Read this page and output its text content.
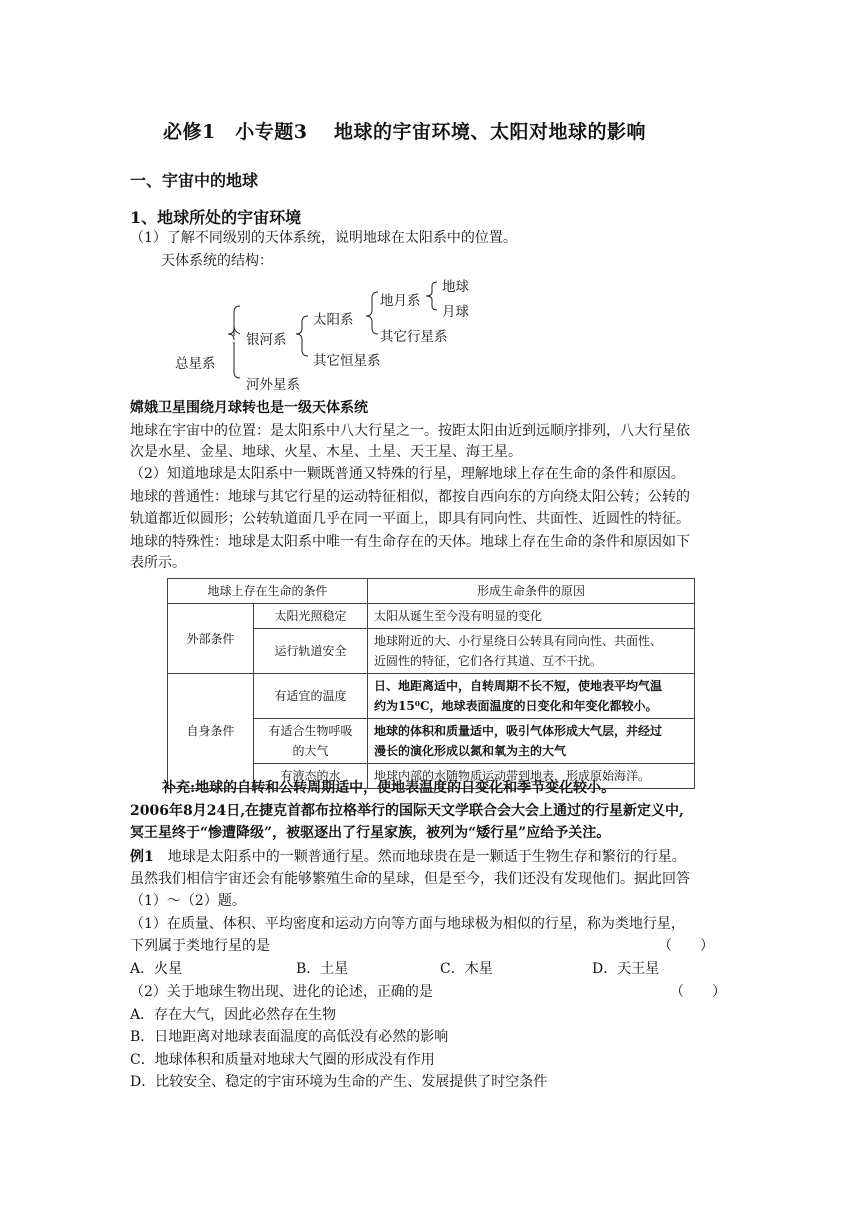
必修1　小专题3　 地球的宇宙环境、太阳对地球的影响
一、宇宙中的地球
1、地球所处的宇宙环境
（1）了解不同级别的天体系统，说明地球在太阳系中的位置。
天体系统的结构：
总星系
银河系
河外星系
太阳系
其它恒星系
地月系
其它行星系
地球
月球
嫦娥卫星围绕月球转也是一级天体系统
地球在宇宙中的位置：是太阳系中八大行星之一。按距太阳由近到远顺序排列，八大行星依
次是水星、金星、地球、火星、木星、土星、天王星、海王星。
（2）知道地球是太阳系中一颗既普通又特殊的行星，理解地球上存在生命的条件和原因。
地球的普通性：地球与其它行星的运动特征相似，都按自西向东的方向绕太阳公转；公转的
轨道都近似圆形；公转轨道面几乎在同一平面上，即具有同向性、共面性、近圆性的特征。
地球的特殊性：地球是太阳系中唯一有生命存在的天体。地球上存在生命的条件和原因如下
表所示。
地球上存在生命的条件		形成生命条件的原因
外部条件	太阳光照稳定	太阳从诞生至今没有明显的变化
	运行轨道安全	地球附近的大、小行星绕日公转具有同向性、共面性、
近圆性的特征，它们各行其道、互不干扰。
自身条件	有适宜的温度	日、地距离适中，自转周期不长不短，使地表平均气温
约为15⁰C，地球表面温度的日变化和年变化都较小。
	有适合生物呼吸
的大气	地球的体积和质量适中，吸引气体形成大气层，并经过
漫长的演化形成以氮和氧为主的大气
	有液态的水	地球内部的水随物质运动带到地表，形成原始海洋。
补充:地球的自转和公转周期适中，使地表温度的日变化和季节变化较小。
2006年8月24日,在捷克首都布拉格举行的国际天文学联合会大会上通过的行星新定义中,
冥王星终于“惨遭降级”，被驱逐出了行星家族，被列为“矮行星”应给予关注。
例1　地球是太阳系中的一颗普通行星。然而地球贵在是一颗适于生物生存和繁衍的行星。
虽然我们相信宇宙还会有能够繁殖生命的星球，但是至今，我们还没有发现他们。据此回答
（1）～（2）题。
（1）在质量、体积、平均密度和运动方向等方面与地球极为相似的行星，称为类地行星，
下列属于类地行星的是	（　　）
A．火星	B．土星	C．木星	D．天王星
（2）关于地球生物出现、进化的论述，正确的是	（　　）
A．存在大气，因此必然存在生物
B．日地距离对地球表面温度的高低没有必然的影响
C．地球体积和质量对地球大气圈的形成没有作用
D．比较安全、稳定的宇宙环境为生命的产生、发展提供了时空条件
